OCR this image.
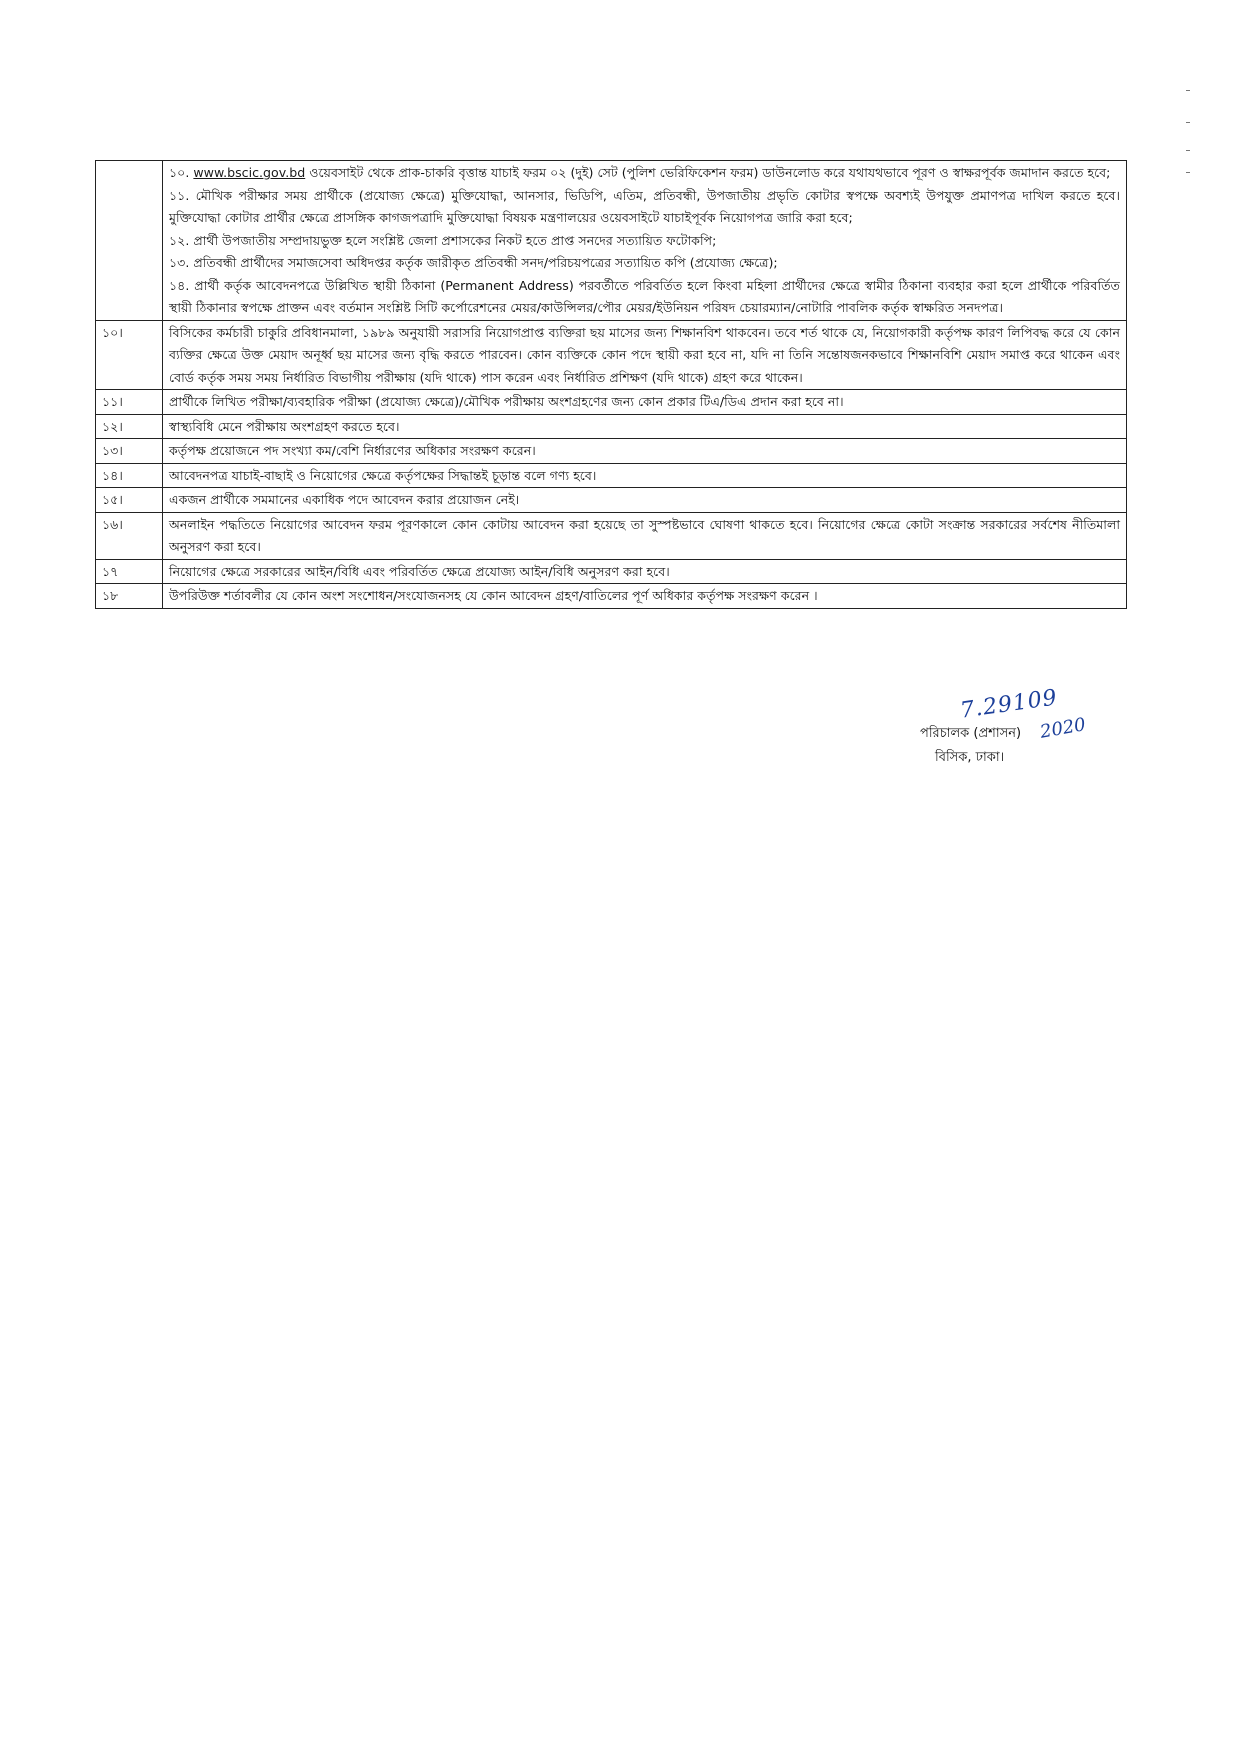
	১০. www.bscic.gov.bd ওয়েবসাইট থেকে প্রাক-চাকরি বৃত্তান্ত যাচাই ফরম ০২ (দুই) সেট (পুলিশ ভেরিফিকেশন ফরম) ডাউনলোড করে যথাযথভাবে পূরণ ও স্বাক্ষরপূর্বক জমাদান করতে হবে;
১১. মৌখিক পরীক্ষার সময় প্রার্থীকে (প্রযোজ্য ক্ষেত্রে) মুক্তিযোদ্ধা, আনসার, ভিডিপি, এতিম, প্রতিবন্ধী, উপজাতীয় প্রভৃতি কোটার স্বপক্ষে অবশ্যই উপযুক্ত প্রমাণপত্র দাখিল করতে হবে। মুক্তিযোদ্ধা কোটার প্রার্থীর ক্ষেত্রে প্রাসঙ্গিক কাগজপত্রাদি মুক্তিযোদ্ধা বিষয়ক মন্ত্রণালয়ের ওয়েবসাইটে যাচাইপূর্বক নিয়োগপত্র জারি করা হবে;
১২. প্রার্থী উপজাতীয় সম্প্রদায়ভুক্ত হলে সংশ্লিষ্ট জেলা প্রশাসকের নিকট হতে প্রাপ্ত সনদের সত্যায়িত ফটোকপি;
১৩. প্রতিবন্ধী প্রার্থীদের সমাজসেবা অধিদপ্তর কর্তৃক জারীকৃত প্রতিবন্ধী সনদ/পরিচয়পত্রের সত্যায়িত কপি (প্রযোজ্য ক্ষেত্রে);
১৪. প্রার্থী কর্তৃক আবেদনপত্রে উল্লিখিত স্থায়ী ঠিকানা (Permanent Address) পরবর্তীতে পরিবর্তিত হলে কিংবা মহিলা প্রার্থীদের ক্ষেত্রে স্বামীর ঠিকানা ব্যবহার করা হলে প্রার্থীকে পরিবর্তিত স্থায়ী ঠিকানার স্বপক্ষে প্রাক্তন এবং বর্তমান সংশ্লিষ্ট সিটি কর্পোরেশনের মেয়র/কাউন্সিলর/পৌর মেয়র/ইউনিয়ন পরিষদ চেয়ারম্যান/নোটারি পাবলিক কর্তৃক স্বাক্ষরিত সনদপত্র।

১০।	বিসিকের কর্মচারী চাকুরি প্রবিধানমালা, ১৯৮৯ অনুযায়ী সরাসরি নিয়োগপ্রাপ্ত ব্যক্তিরা ছয় মাসের জন্য শিক্ষানবিশ থাকবেন। তবে শর্ত থাকে যে, নিয়োগকারী কর্তৃপক্ষ কারণ লিপিবদ্ধ করে যে কোন ব্যক্তির ক্ষেত্রে উক্ত মেয়াদ অনূর্ধ্ব ছয় মাসের জন্য বৃদ্ধি করতে পারবেন। কোন ব্যক্তিকে কোন পদে স্থায়ী করা হবে না, যদি না তিনি সন্তোষজনকভাবে শিক্ষানবিশি মেয়াদ সমাপ্ত করে থাকেন এবং বোর্ড কর্তৃক সময় সময় নির্ধারিত বিভাগীয় পরীক্ষায় (যদি থাকে) পাস করেন এবং নির্ধারিত প্রশিক্ষণ (যদি থাকে) গ্রহণ করে থাকেন।
১১।	প্রার্থীকে লিখিত পরীক্ষা/ব্যবহারিক পরীক্ষা (প্রযোজ্য ক্ষেত্রে)/মৌখিক পরীক্ষায় অংশগ্রহণের জন্য কোন প্রকার টিএ/ডিএ প্রদান করা হবে না।
১২।	স্বাস্থ্যবিধি মেনে পরীক্ষায় অংশগ্রহণ করতে হবে।
১৩।	কর্তৃপক্ষ প্রয়োজনে পদ সংখ্যা কম/বেশি নির্ধারণের অধিকার সংরক্ষণ করেন।
১৪।	আবেদনপত্র যাচাই-বাছাই ও নিয়োগের ক্ষেত্রে কর্তৃপক্ষের সিদ্ধান্তই চূড়ান্ত বলে গণ্য হবে।
১৫।	একজন প্রার্থীকে সমমানের একাধিক পদে আবেদন করার প্রয়োজন নেই।
১৬।	অনলাইন পদ্ধতিতে নিয়োগের আবেদন ফরম পূরণকালে কোন কোটায় আবেদন করা হয়েছে তা সুস্পষ্টভাবে ঘোষণা থাকতে হবে। নিয়োগের ক্ষেত্রে কোটা সংক্রান্ত সরকারের সর্বশেষ নীতিমালা অনুসরণ করা হবে।
১৭	নিয়োগের ক্ষেত্রে সরকারের আইন/বিধি এবং পরিবর্তিত ক্ষেত্রে প্রযোজ্য আইন/বিধি অনুসরণ করা হবে।
১৮	উপরিউক্ত শর্তাবলীর যে কোন অংশ সংশোধন/সংযোজনসহ যে কোন আবেদন গ্রহণ/বাতিলের পূর্ণ অধিকার কর্তৃপক্ষ সংরক্ষণ করেন ।
7.29109
2020
পরিচালক (প্রশাসন)
বিসিক, ঢাকা।
